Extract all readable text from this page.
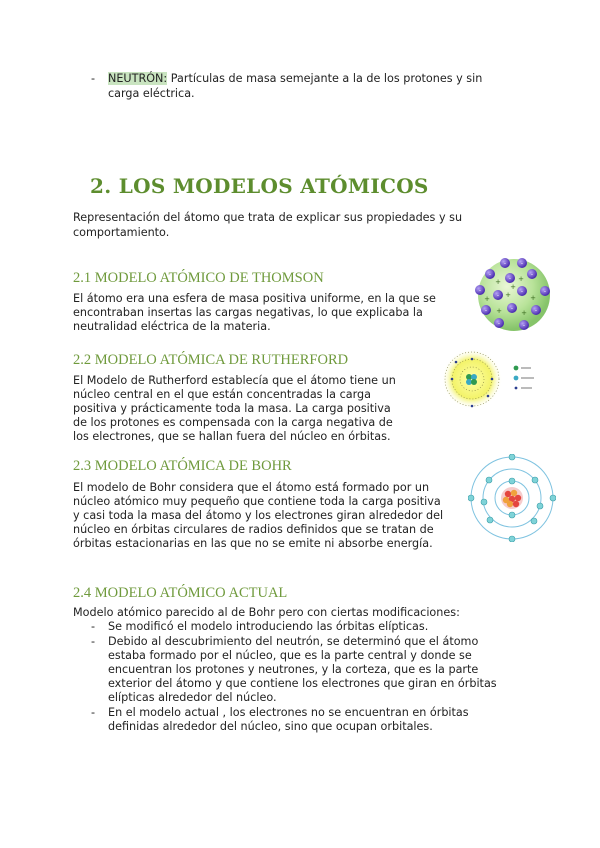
- NEUTRÓN: Partículas de masa semejante a la de los protones y sin
carga eléctrica.
2. LOS MODELOS ATÓMICOS
Representación del átomo que trata de explicar sus propiedades y su
comportamiento.
2.1 MODELO ATÓMICO DE THOMSON
El átomo era una esfera de masa positiva uniforme, en la que se
encontraban insertas las cargas negativas, lo que explicaba la
neutralidad eléctrica de la materia.
- -
-
-
-
-
-
-	-
-	-	-
-	-
+ +
+ +	+
+	+
+
2.2 MODELO ATÓMICA DE RUTHERFORD
El Modelo de Rutherford establecía que el átomo tiene un
núcleo central en el que están concentradas la carga
positiva y prácticamente toda la masa. La carga positiva
de los protones es compensada con la carga negativa de
los electrones, que se hallan fuera del núcleo en órbitas.
2.3 MODELO ATÓMICA DE BOHR
El modelo de Bohr considera que el átomo está formado por un
núcleo atómico muy pequeño que contiene toda la carga positiva
y casi toda la masa del átomo y los electrones giran alrededor del
núcleo en órbitas circulares de radios definidos que se tratan de
órbitas estacionarias en las que no se emite ni absorbe energía.
2.4 MODELO ATÓMICO ACTUAL
Modelo atómico parecido al de Bohr pero con ciertas modificaciones:
- Se modificó el modelo introduciendo las órbitas elípticas.
- Debido al descubrimiento del neutrón, se determinó que el átomo
estaba formado por el núcleo, que es la parte central y donde se
encuentran los protones y neutrones, y la corteza, que es la parte
exterior del átomo y que contiene los electrones que giran en órbitas
elípticas alrededor del núcleo.
- En el modelo actual , los electrones no se encuentran en órbitas
definidas alrededor del núcleo, sino que ocupan orbitales.
